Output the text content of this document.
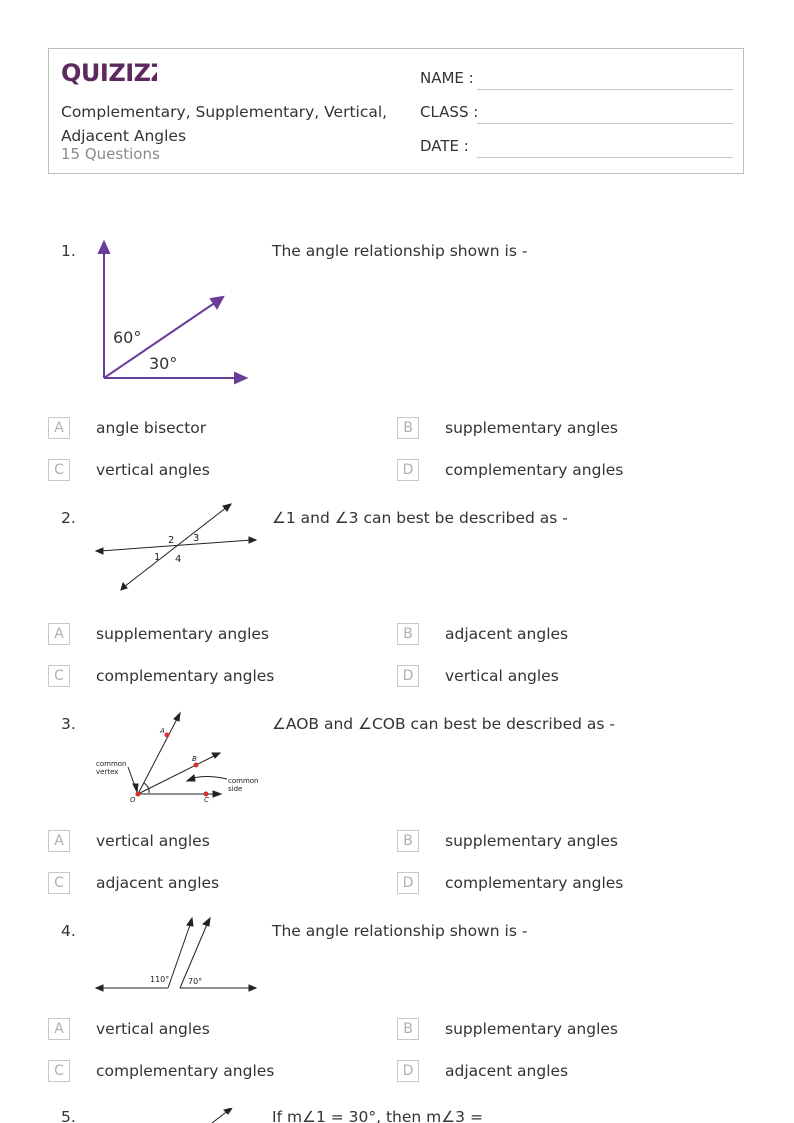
QUIZIZZ
Complementary, Supplementary, Vertical, Adjacent Angles
15 Questions
NAME :
CLASS :
DATE :
1.
60°
30°
The angle relationship shown is -
A	angle bisector	B	supplementary angles
C	vertical angles	D	complementary angles
2.
2 3
1 4
∠1 and ∠3 can best be described as -
A	supplementary angles	B	adjacent angles
C	complementary angles	D	vertical angles
3.	A
B
O	C
common
vertex
common
side
∠AOB and ∠COB can best be described as -
A	vertical angles	B	supplementary angles
C	adjacent angles	D	complementary angles
4.
110° 70°
The angle relationship shown is -
A	vertical angles	B	supplementary angles
C	complementary angles	D	adjacent angles
5.	If m∠1 = 30°, then m∠3 =
